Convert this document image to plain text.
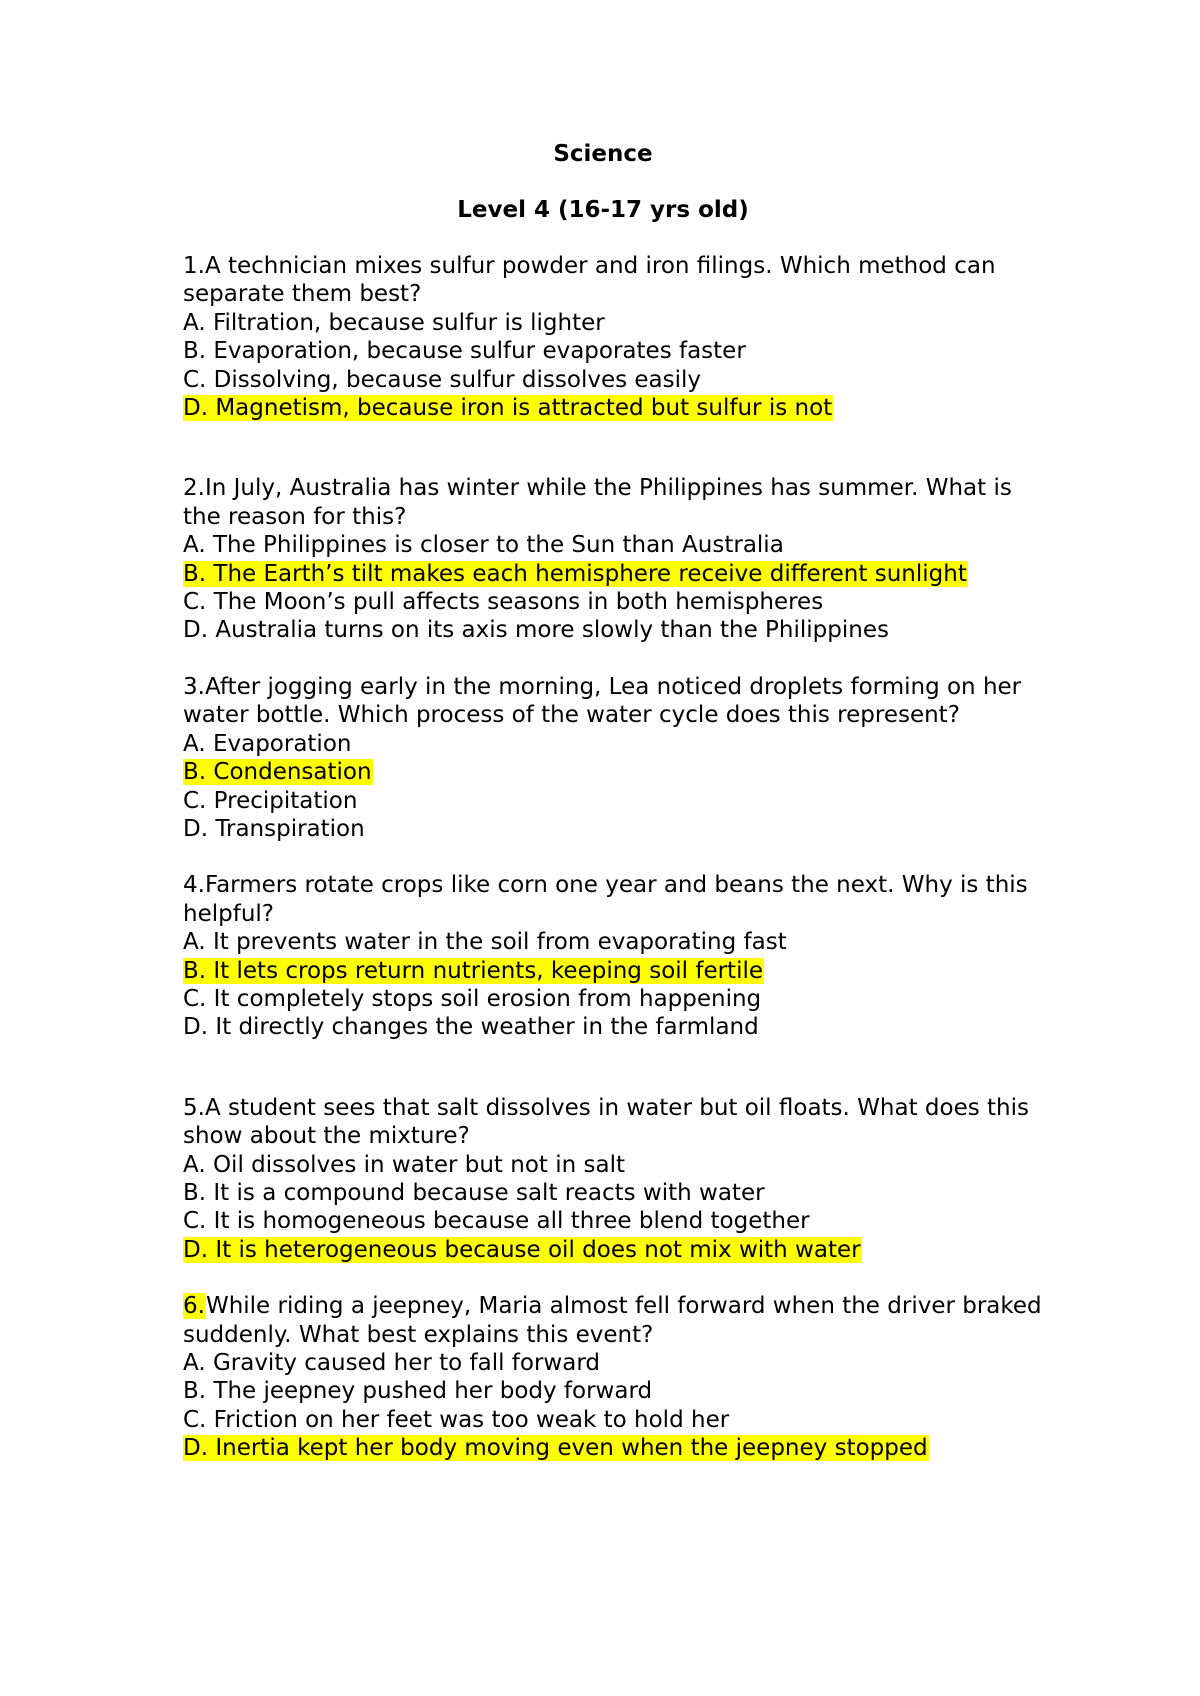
Science

Level 4 (16-17 yrs old)

1.A technician mixes sulfur powder and iron filings. Which method can separate them best?
A. Filtration, because sulfur is lighter
B. Evaporation, because sulfur evaporates faster
C. Dissolving, because sulfur dissolves easily
D. Magnetism, because iron is attracted but sulfur is not
2.In July, Australia has winter while the Philippines has summer. What is the reason for this?
A. The Philippines is closer to the Sun than Australia
B. The Earth’s tilt makes each hemisphere receive different sunlight
C. The Moon’s pull affects seasons in both hemispheres
D. Australia turns on its axis more slowly than the Philippines
3.After jogging early in the morning, Lea noticed droplets forming on her water bottle. Which process of the water cycle does this represent?
A. Evaporation
B. Condensation
C. Precipitation
D. Transpiration
4.Farmers rotate crops like corn one year and beans the next. Why is this helpful?
A. It prevents water in the soil from evaporating fast
B. It lets crops return nutrients, keeping soil fertile
C. It completely stops soil erosion from happening
D. It directly changes the weather in the farmland
5.A student sees that salt dissolves in water but oil floats. What does this show about the mixture?
A. Oil dissolves in water but not in salt
B. It is a compound because salt reacts with water
C. It is homogeneous because all three blend together
D. It is heterogeneous because oil does not mix with water
6.While riding a jeepney, Maria almost fell forward when the driver braked suddenly. What best explains this event?
A. Gravity caused her to fall forward
B. The jeepney pushed her body forward
C. Friction on her feet was too weak to hold her
D. Inertia kept her body moving even when the jeepney stopped
